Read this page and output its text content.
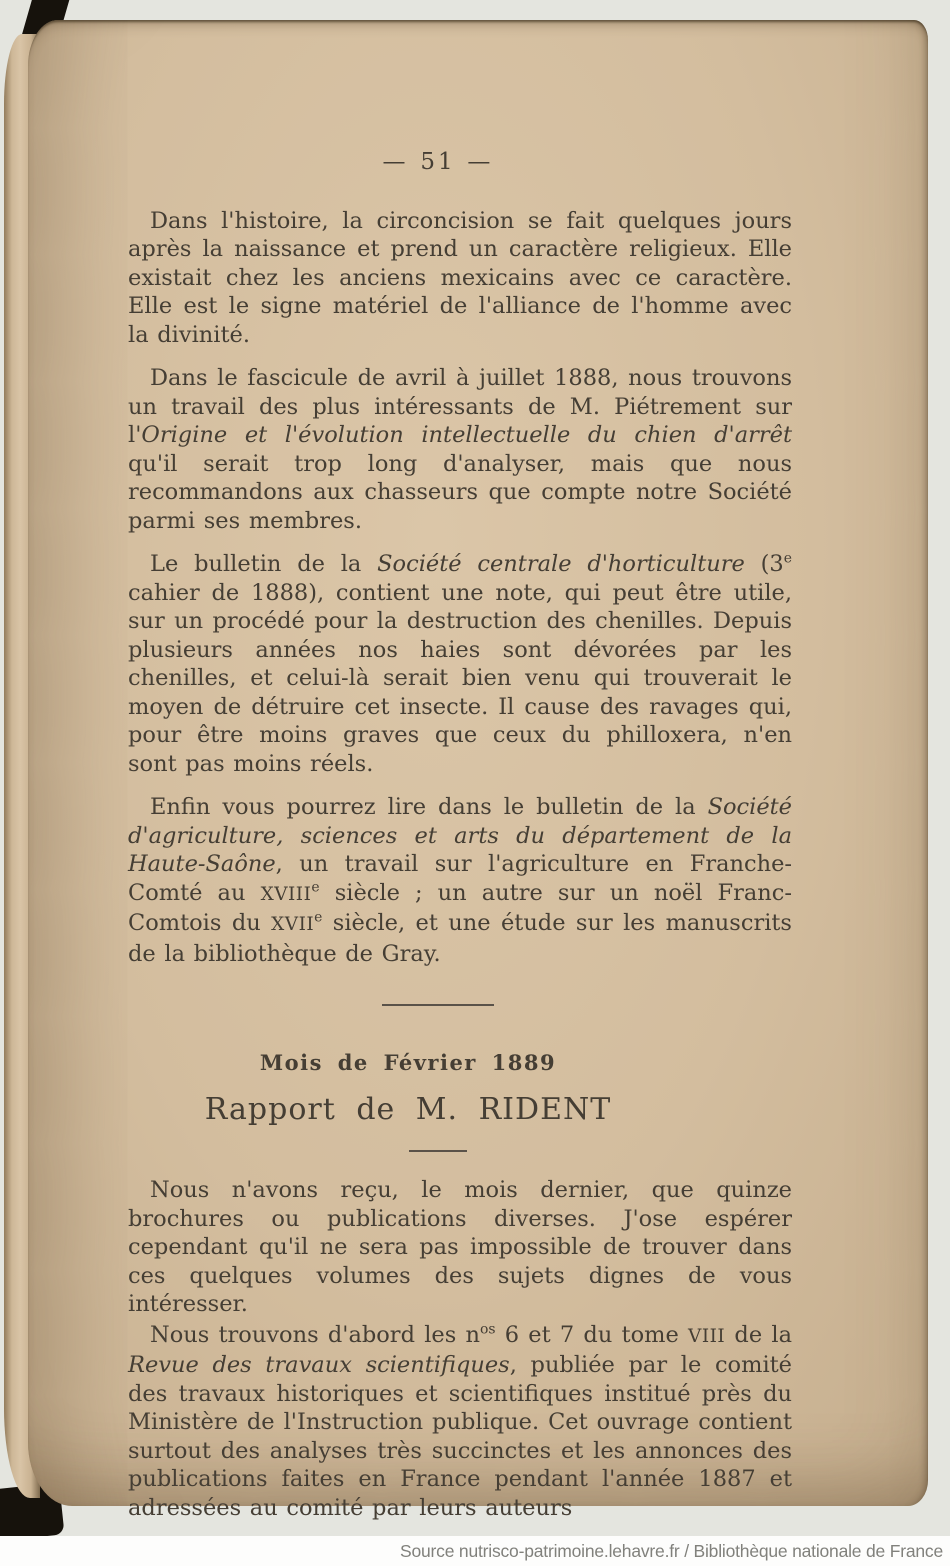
— 51 —

Dans l'histoire, la circoncision se fait quelques jours après la naissance et prend un caractère religieux. Elle existait chez les anciens mexicains avec ce caractère. Elle est le signe matériel de l'alliance de l'homme avec la divinité.

Dans le fascicule de avril à juillet 1888, nous trouvons un travail des plus intéressants de M. Piétrement sur l'Origine et l'évolution intellectuelle du chien d'arrêt qu'il serait trop long d'analyser, mais que nous recommandons aux chasseurs que compte notre Société parmi ses membres.

Le bulletin de la Société centrale d'horticulture (3e cahier de 1888), contient une note, qui peut être utile, sur un procédé pour la destruction des chenilles. Depuis plusieurs années nos haies sont dévorées par les chenilles, et celui-là serait bien venu qui trouverait le moyen de détruire cet insecte. Il cause des ravages qui, pour être moins graves que ceux du philloxera, n'en sont pas moins réels.

Enfin vous pourrez lire dans le bulletin de la Société d'agriculture, sciences et arts du département de la Haute-Saône, un travail sur l'agriculture en Franche-Comté au XVIIIe siècle ; un autre sur un noël Franc-Comtois du XVIIe siècle, et une étude sur les manuscrits de la bibliothèque de Gray.

Mois de Février 1889
Rapport de M. RIDENT

Nous n'avons reçu, le mois dernier, que quinze brochures ou publications diverses. J'ose espérer cependant qu'il ne sera pas impossible de trouver dans ces quelques volumes des sujets dignes de vous intéresser.

Nous trouvons d'abord les $n^{os}$ 6 et 7 du tome VIII de la Revue des travaux scientifiques, publiée par le comité des travaux historiques et scientifiques institué près du Ministère de l'Instruction publique. Cet ouvrage contient surtout des analyses très succinctes et les annonces des publications faites en France pendant l'année 1887 et adressées au comité par leurs auteurs

Source nutrisco-patrimoine.lehavre.fr / Bibliothèque nationale de France
